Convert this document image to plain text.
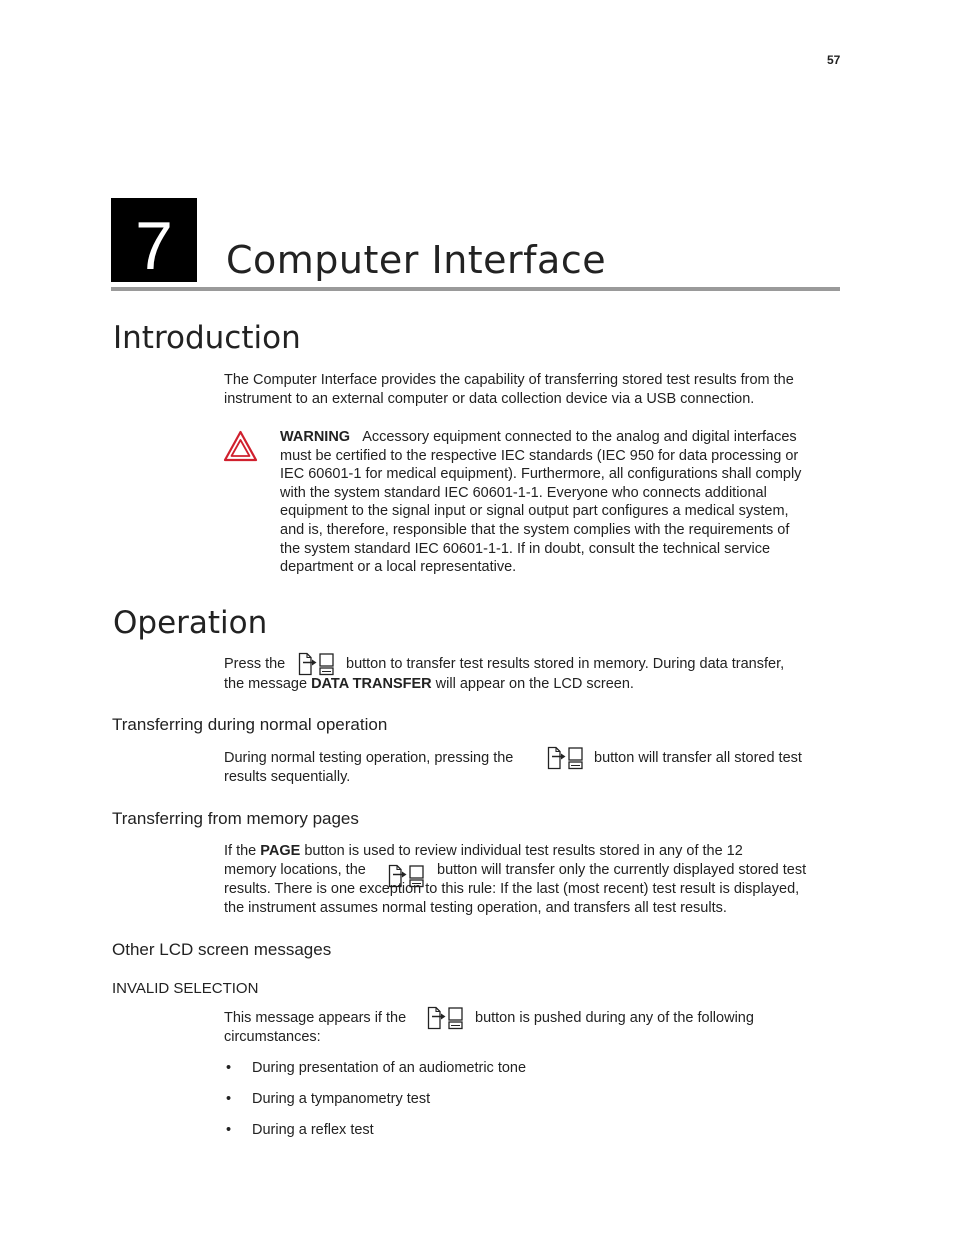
57
7	Computer Interface
Introduction
The Computer Interface provides the capability of transferring stored test results from the
instrument to an external computer or data collection device via a USB connection.
WARNING Accessory equipment connected to the analog and digital interfaces
must be certified to the respective IEC standards (IEC 950 for data processing or
IEC 60601-1 for medical equipment). Furthermore, all configurations shall comply
with the system standard IEC 60601-1-1. Everyone who connects additional
equipment to the signal input or signal output part configures a medical system,
and is, therefore, responsible that the system complies with the requirements of
the system standard IEC 60601-1-1. If in doubt, consult the technical service
department or a local representative.
Operation
Press the	button to transfer test results stored in memory. During data transfer,
the message DATA TRANSFER will appear on the LCD screen.
Transferring during normal operation
During normal testing operation, pressing the	button will transfer all stored test
results sequentially.
Transferring from memory pages
If the PAGE button is used to review individual test results stored in any of the 12
memory locations, the	button will transfer only the currently displayed stored test
results. There is one exception to this rule: If the last (most recent) test result is displayed,
the instrument assumes normal testing operation, and transfers all test results.
Other LCD screen messages
INVALID SELECTION
This message appears if the	button is pushed during any of the following
circumstances:
• During presentation of an audiometric tone
• During a tympanometry test
• During a reflex test
